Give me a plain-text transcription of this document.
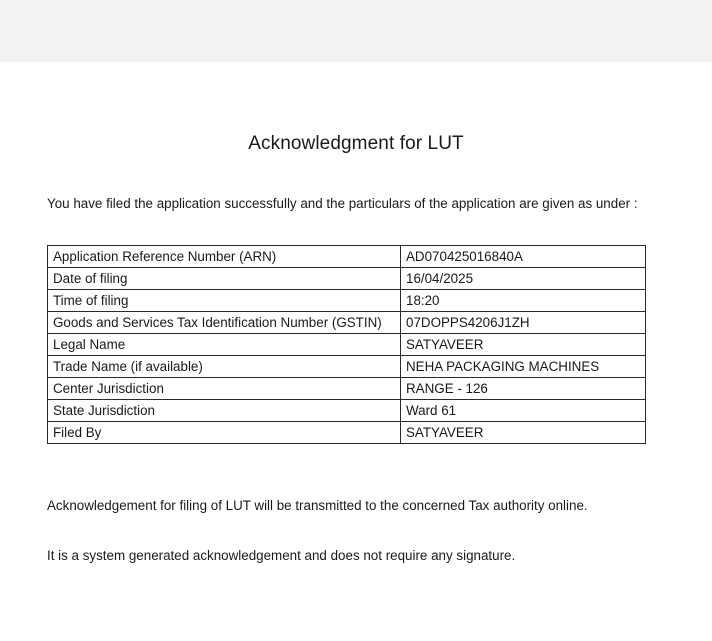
Acknowledgment for LUT
You have filed the application successfully and the particulars of the application are given as under :
Application Reference Number (ARN)	AD070425016840A
Date of filing	16/04/2025
Time of filing	18:20
Goods and Services Tax Identification Number (GSTIN)	07DOPPS4206J1ZH
Legal Name	SATYAVEER
Trade Name (if available)	NEHA PACKAGING MACHINES
Center Jurisdiction	RANGE - 126
State Jurisdiction	Ward 61
Filed By	SATYAVEER
Acknowledgement for filing of LUT will be transmitted to the concerned Tax authority online.
It is a system generated acknowledgement and does not require any signature.
